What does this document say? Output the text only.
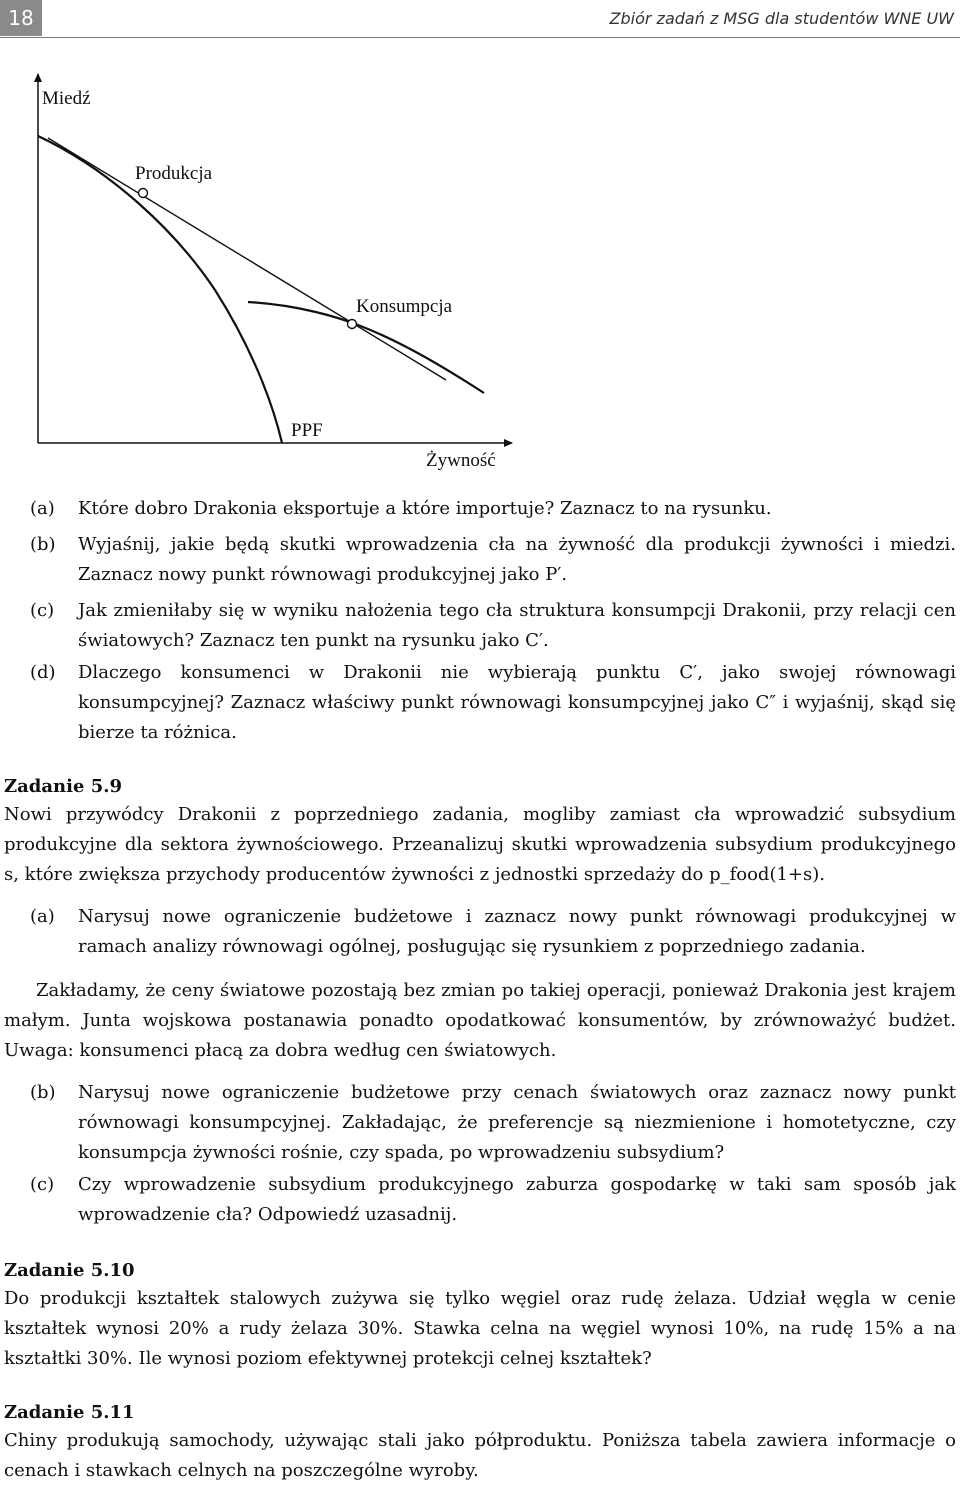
18	Zbiór zadań z MSG dla studentów WNE UW
Miedź
Produkcja
Konsumpcja
PPF
Żywność
(a)	Które dobro Drakonia eksportuje a które importuje? Zaznacz to na rysunku.
(b)	Wyjaśnij, jakie będą skutki wprowadzenia cła na żywność dla produkcji żywności i miedzi. Zaznacz nowy punkt równowagi produkcyjnej jako P′.
(c)	Jak zmieniłaby się w wyniku nałożenia tego cła struktura konsumpcji Drakonii, przy relacji cen światowych? Zaznacz ten punkt na rysunku jako C′.
(d)	Dlaczego konsumenci w Drakonii nie wybierają punktu C′, jako swojej równowagi konsumpcyjnej? Zaznacz właściwy punkt równowagi konsumpcyjnej jako C″ i wyjaśnij, skąd się bierze ta różnica.
Zadanie 5.9
Nowi przywódcy Drakonii z poprzedniego zadania, mogliby zamiast cła wprowadzić subsydium produkcyjne dla sektora żywnościowego. Przeanalizuj skutki wprowadzenia subsydium produkcyjnego s, które zwiększa przychody producentów żywności z jednostki sprzedaży do p_food(1+s).
(a)	Narysuj nowe ograniczenie budżetowe i zaznacz nowy punkt równowagi produkcyjnej w ramach analizy równowagi ogólnej, posługując się rysunkiem z poprzedniego zadania.
Zakładamy, że ceny światowe pozostają bez zmian po takiej operacji, ponieważ Drakonia jest krajem małym. Junta wojskowa postanawia ponadto opodatkować konsumentów, by zrównoważyć budżet. Uwaga: konsumenci płacą za dobra według cen światowych.
(b)	Narysuj nowe ograniczenie budżetowe przy cenach światowych oraz zaznacz nowy punkt równowagi konsumpcyjnej. Zakładając, że preferencje są niezmienione i homotetyczne, czy konsumpcja żywności rośnie, czy spada, po wprowadzeniu subsydium?
(c)	Czy wprowadzenie subsydium produkcyjnego zaburza gospodarkę w taki sam sposób jak wprowadzenie cła? Odpowiedź uzasadnij.
Zadanie 5.10
Do produkcji kształtek stalowych zużywa się tylko węgiel oraz rudę żelaza. Udział węgla w cenie kształtek wynosi 20% a rudy żelaza 30%. Stawka celna na węgiel wynosi 10%, na rudę 15% a na kształtki 30%. Ile wynosi poziom efektywnej protekcji celnej kształtek?
Zadanie 5.11
Chiny produkują samochody, używając stali jako półproduktu. Poniższa tabela zawiera informacje o cenach i stawkach celnych na poszczególne wyroby.
